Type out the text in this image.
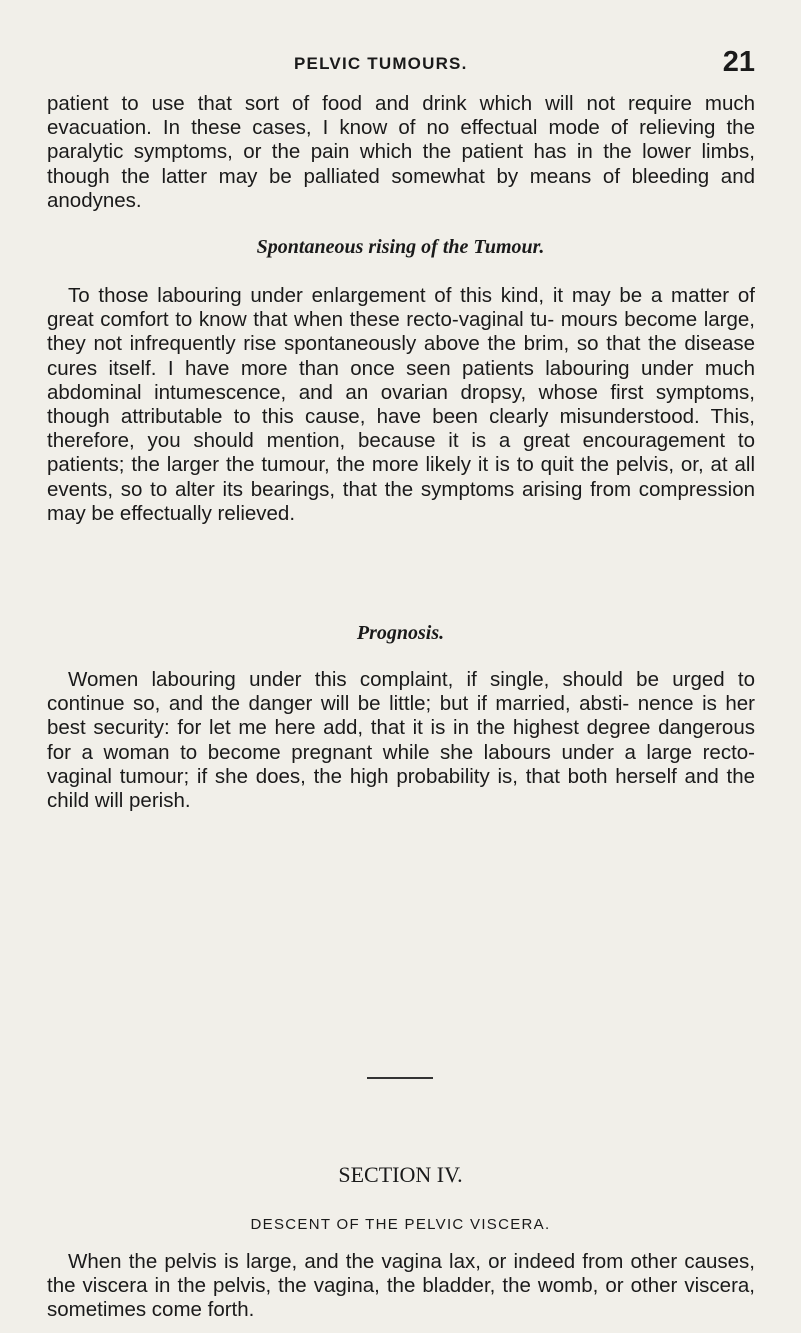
PELVIC TUMOURS.	21

patient to use that sort of food and drink which will not require much evacuation. In these cases, I know of no effectual mode of relieving the paralytic symptoms, or the pain which the patient has in the lower limbs, though the latter may be palliated somewhat by means of bleeding and anodynes.

Spontaneous rising of the Tumour.

To those labouring under enlargement of this kind, it may be a matter of great comfort to know that when these recto-vaginal tu- mours become large, they not infrequently rise spontaneously above the brim, so that the disease cures itself. I have more than once seen patients labouring under much abdominal intumescence, and an ovarian dropsy, whose first symptoms, though attributable to this cause, have been clearly misunderstood. This, therefore, you should mention, because it is a great encouragement to patients; the larger the tumour, the more likely it is to quit the pelvis, or, at all events, so to alter its bearings, that the symptoms arising from compression may be effectually relieved.

Prognosis.

Women labouring under this complaint, if single, should be urged to continue so, and the danger will be little; but if married, absti- nence is her best security: for let me here add, that it is in the highest degree dangerous for a woman to become pregnant while she labours under a large recto-vaginal tumour; if she does, the high probability is, that both herself and the child will perish.

SECTION IV.
DESCENT OF THE PELVIC VISCERA.

When the pelvis is large, and the vagina lax, or indeed from other causes, the viscera in the pelvis, the vagina, the bladder, the womb, or other viscera, sometimes come forth.
